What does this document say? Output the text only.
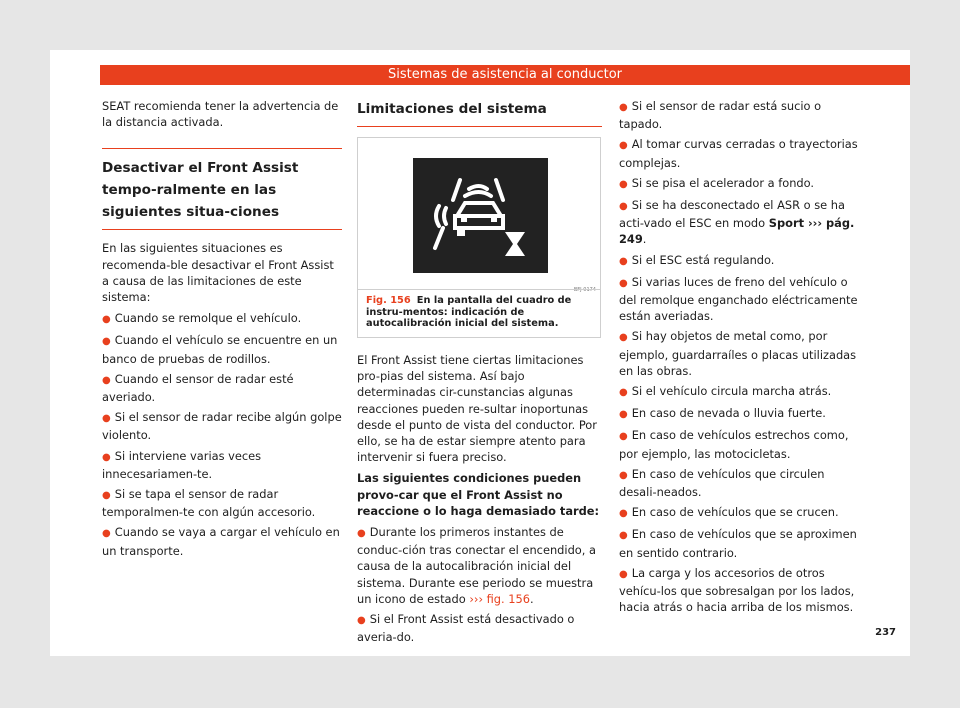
Sistemas de asistencia al conductor

SEAT recomienda tener la advertencia de la distancia activada.

Desactivar el Front Assist tempo-ralmente en las siguientes situa-ciones

En las siguientes situaciones es recomenda-ble desactivar el Front Assist a causa de las limitaciones de este sistema:

● Cuando se remolque el vehículo.
● Cuando el vehículo se encuentre en un banco de pruebas de rodillos.
● Cuando el sensor de radar esté averiado.
● Si el sensor de radar recibe algún golpe violento.
● Si interviene varias veces innecesariamen-te.
● Si se tapa el sensor de radar temporalmen-te con algún accesorio.
● Cuando se vaya a cargar el vehículo en un transporte.
Limitaciones del sistema
BFJ-0174
Fig. 156 En la pantalla del cuadro de instru-mentos: indicación de autocalibración inicial del sistema.

El Front Assist tiene ciertas limitaciones pro-pias del sistema. Así bajo determinadas cir-cunstancias algunas reacciones pueden re-sultar inoportunas desde el punto de vista del conductor. Por ello, se ha de estar siempre atento para intervenir si fuera preciso.

Las siguientes condiciones pueden provo-car que el Front Assist no reaccione o lo haga demasiado tarde:

● Durante los primeros instantes de conduc-ción tras conectar el encendido, a causa de la autocalibración inicial del sistema. Durante ese periodo se muestra un icono de estado ››› fig. 156.
● Si el Front Assist está desactivado o averia-do.
● Si el sensor de radar está sucio o tapado.
● Al tomar curvas cerradas o trayectorias complejas.
● Si se pisa el acelerador a fondo.
● Si se ha desconectado el ASR o se ha acti-vado el ESC en modo Sport ››› pág. 249.
● Si el ESC está regulando.
● Si varias luces de freno del vehículo o del remolque enganchado eléctricamente están averiadas.
● Si hay objetos de metal como, por ejemplo, guardarraíles o placas utilizadas en las obras.
● Si el vehículo circula marcha atrás.
● En caso de nevada o lluvia fuerte.
● En caso de vehículos estrechos como, por ejemplo, las motocicletas.
● En caso de vehículos que circulen desali-neados.
● En caso de vehículos que se crucen.
● En caso de vehículos que se aproximen en sentido contrario.
● La carga y los accesorios de otros vehícu-los que sobresalgan por los lados, hacia atrás o hacia arriba de los mismos.
237
